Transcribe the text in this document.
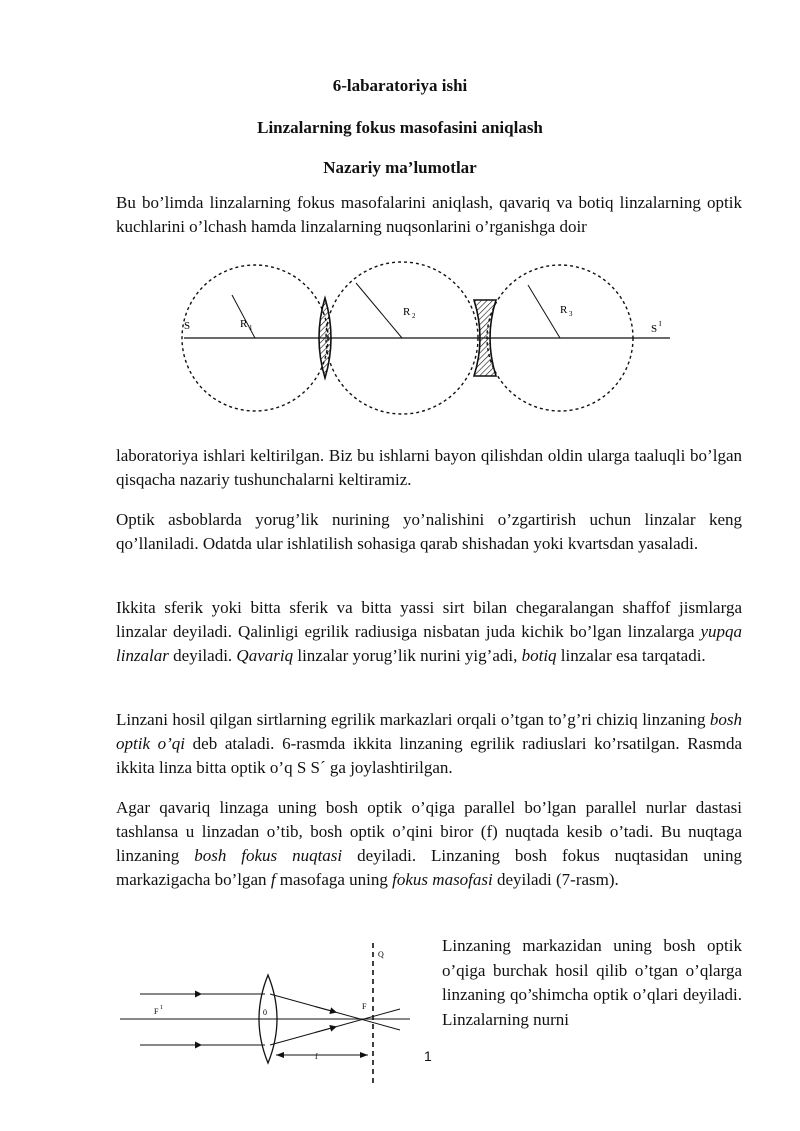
6-labaratoriya ishi
Linzalarning fokus masofasini aniqlash
Nazariy ma’lumotlar
Bu bo’limda linzalarning fokus masofalarini aniqlash, qavariq va botiq linzalarning optik kuchlarini o’lchash hamda linzalarning nuqsonlarini o’rganishga doir
S	S I
R 1
R 2	R 3
laboratoriya ishlari keltirilgan. Biz bu ishlarni bayon qilishdan oldin ularga taaluqli bo’lgan qisqacha nazariy tushunchalarni keltiramiz.
Optik asboblarda yorug’lik nurining yo’nalishini o’zgartirish uchun linzalar keng qo’llaniladi. Odatda ular ishlatilish sohasiga qarab shishadan yoki kvartsdan yasaladi.
Ikkita sferik yoki bitta sferik va bitta yassi sirt bilan chegaralangan shaffof jismlarga linzalar deyiladi. Qalinligi egrilik radiusiga nisbatan juda kichik bo’lgan linzalarga yupqa linzalar deyiladi. Qavariq linzalar yorug’lik nurini yig’adi, botiq linzalar esa tarqatadi.
Linzani hosil qilgan sirtlarning egrilik markazlari orqali o’tgan to’g’ri chiziq linzaning bosh optik o’qi deb ataladi. 6-rasmda ikkita linzaning egrilik radiuslari ko’rsatilgan. Rasmda ikkita linza bitta optik o’q S S´ ga joylashtirilgan.
Agar qavariq linzaga uning bosh optik o’qiga parallel bo’lgan parallel nurlar dastasi tashlansa u linzadan o’tib, bosh optik o’qini biror (f) nuqtada kesib o’tadi. Bu nuqtaga linzaning bosh fokus nuqtasi deyiladi. Linzaning bosh fokus nuqtasidan uning markazigacha bo’lgan f masofaga uning fokus masofasi deyiladi (7-rasm).
Q
F
F 1	0
f
Linzaning markazidan uning bosh optik o’qiga burchak hosil qilib o’tgan o’qlarga linzaning qo’shimcha optik o’qlari deyiladi. Linzalarning nurni
1
